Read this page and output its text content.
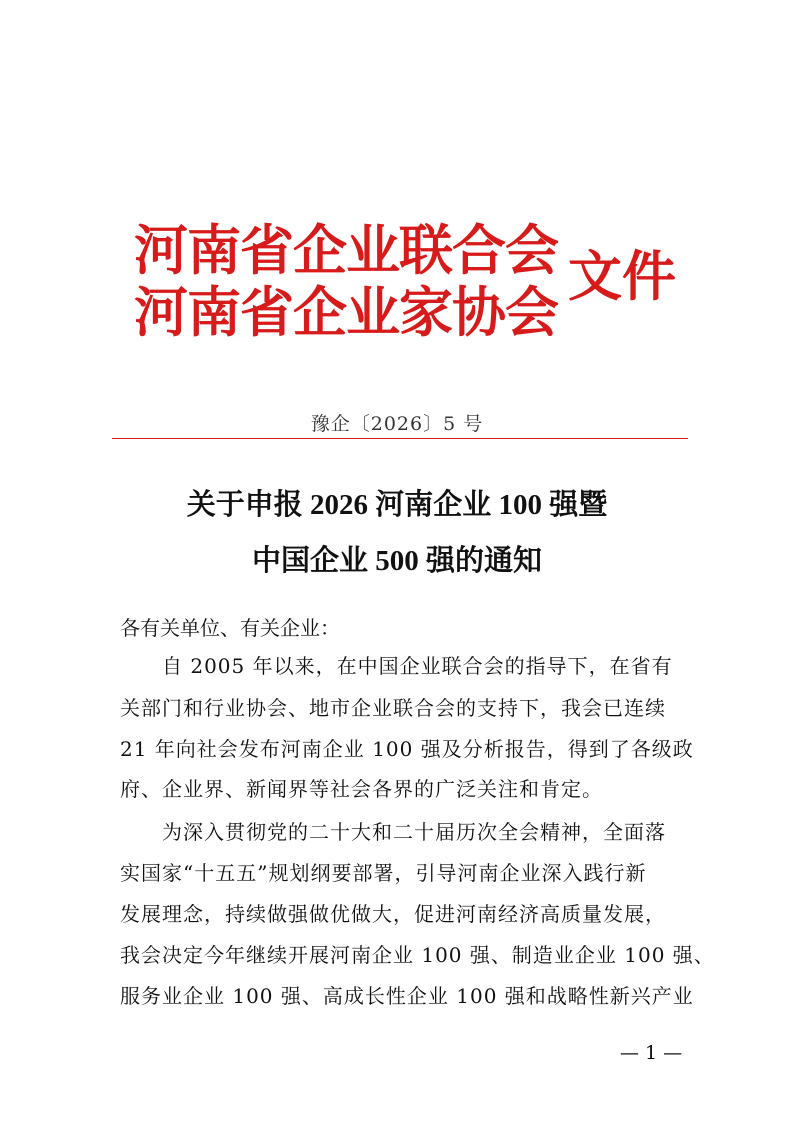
河南省企业联合会
河南省企业家协会
文件
豫企〔2026〕5 号
关于申报 2026 河南企业 100 强暨
中国企业 500 强的通知
各有关单位、有关企业：
自 2005 年以来，在中国企业联合会的指导下，在省有
关部门和行业协会、地市企业联合会的支持下，我会已连续
21 年向社会发布河南企业 100 强及分析报告，得到了各级政
府、企业界、新闻界等社会各界的广泛关注和肯定。
为深入贯彻党的二十大和二十届历次全会精神，全面落
实国家“十五五”规划纲要部署，引导河南企业深入践行新
发展理念，持续做强做优做大，促进河南经济高质量发展，
我会决定今年继续开展河南企业 100 强、制造业企业 100 强、
服务业企业 100 强、高成长性企业 100 强和战略性新兴产业
— 1 —
